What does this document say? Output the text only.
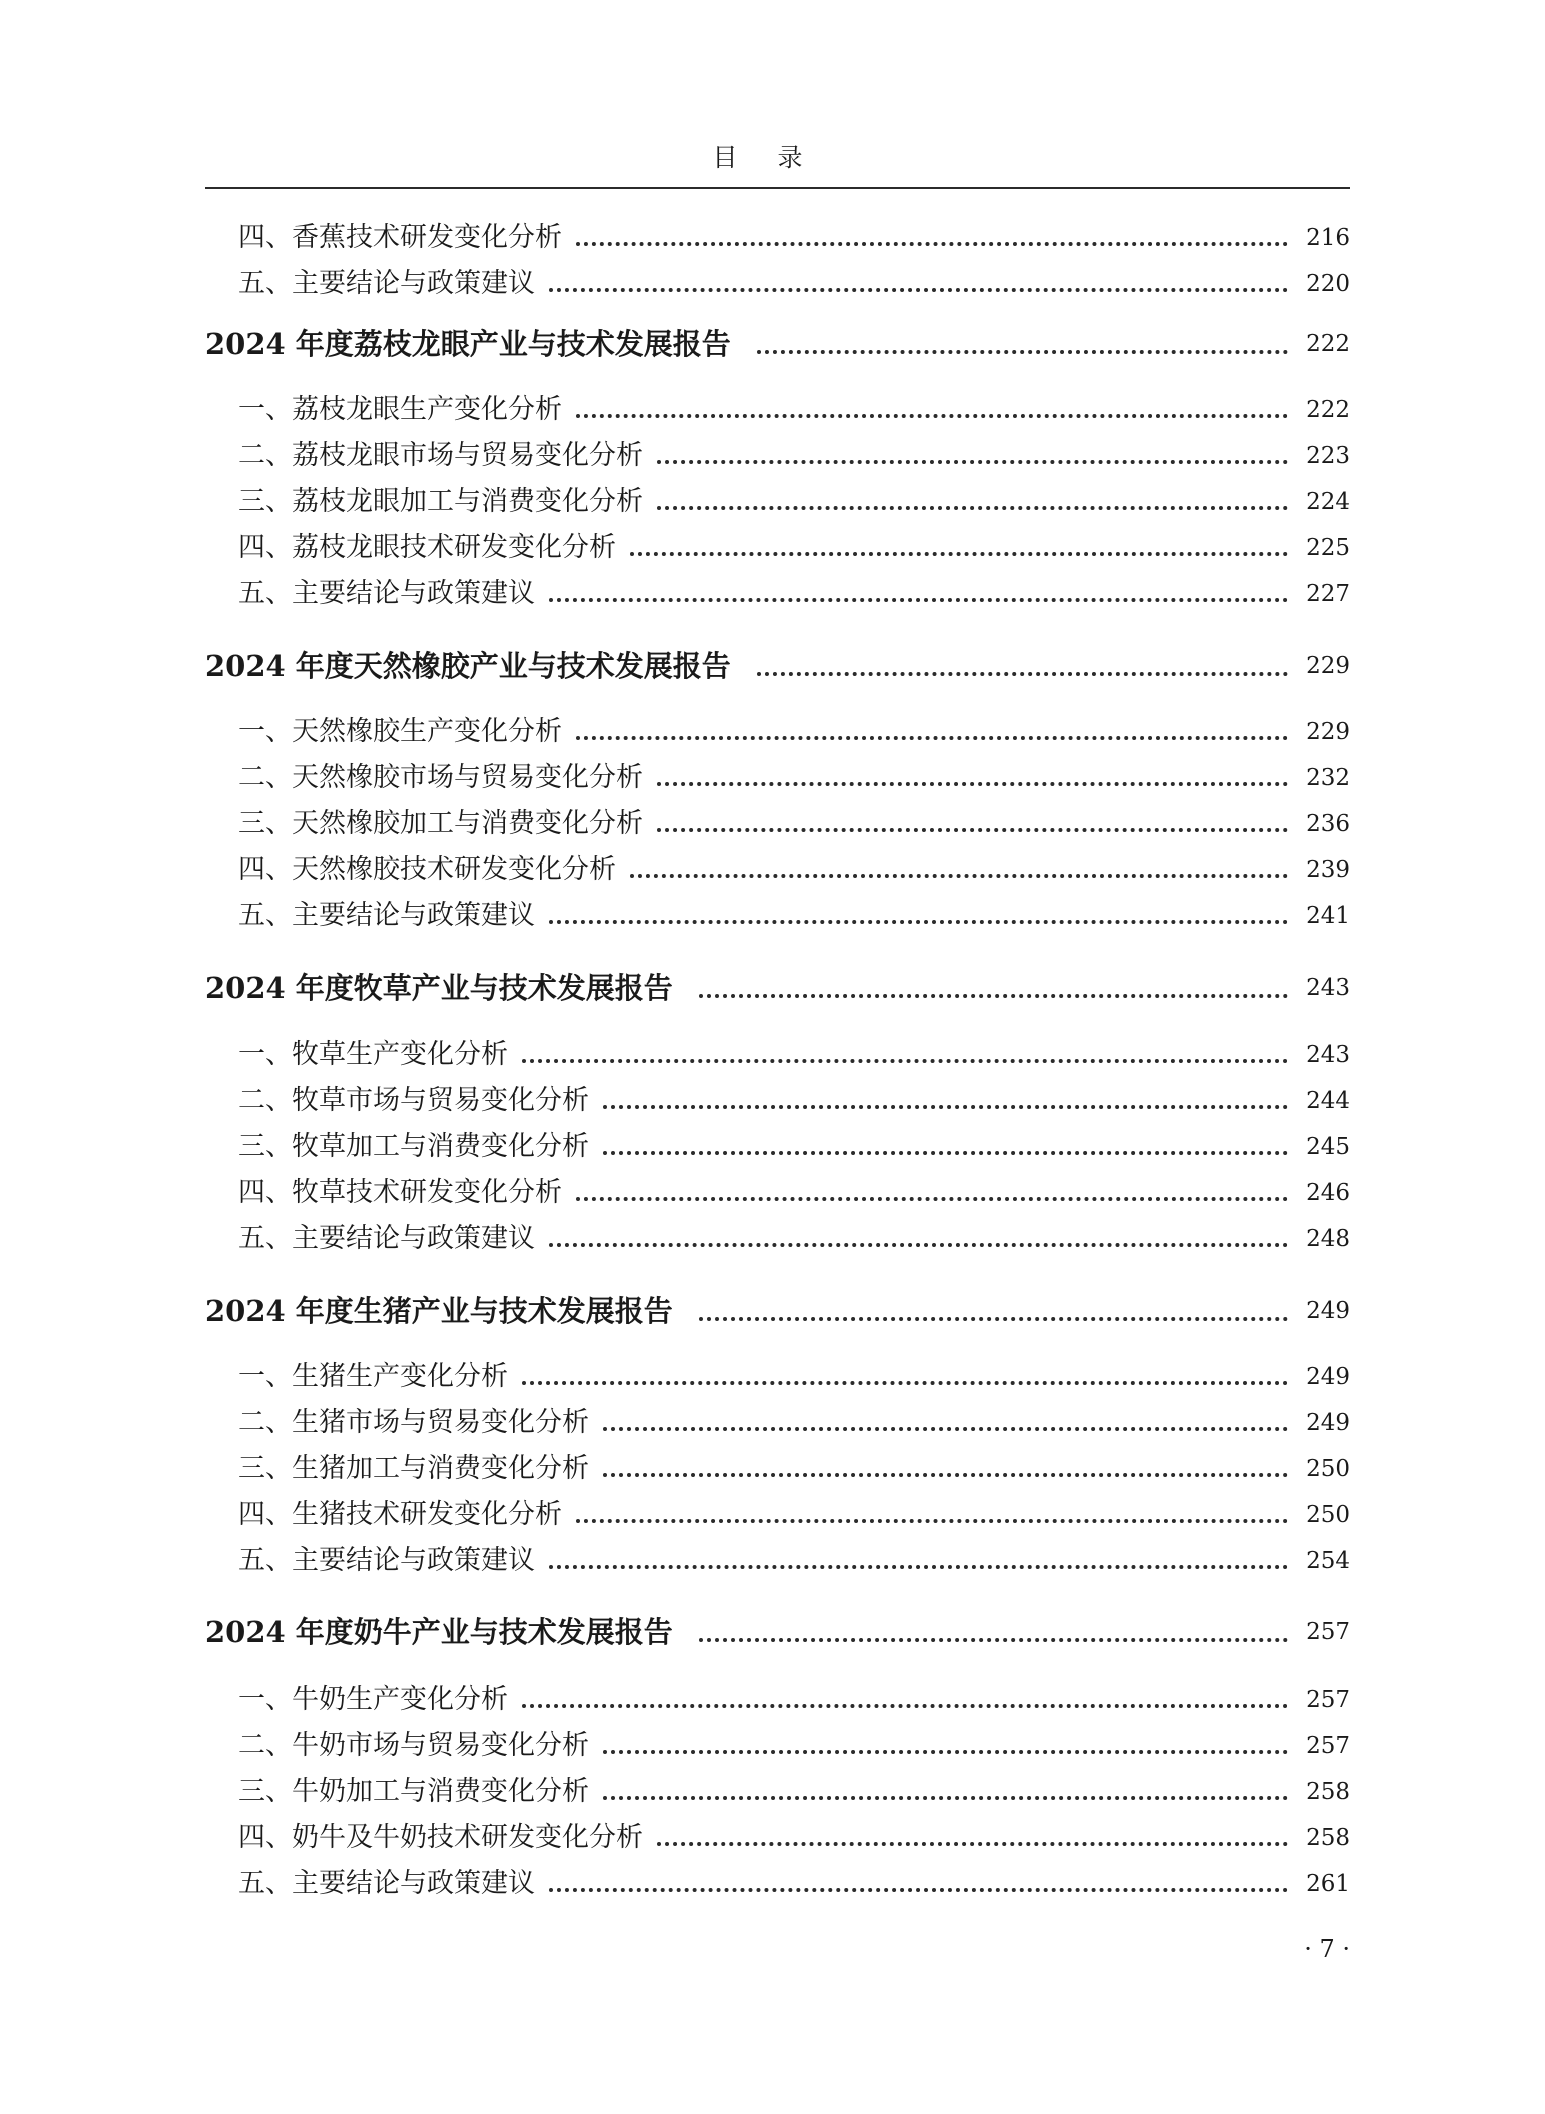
目录
四、香蕉技术研发变化分析	216
五、主要结论与政策建议	220
2024 年度荔枝龙眼产业与技术发展报告	222
一、荔枝龙眼生产变化分析	222
二、荔枝龙眼市场与贸易变化分析	223
三、荔枝龙眼加工与消费变化分析	224
四、荔枝龙眼技术研发变化分析	225
五、主要结论与政策建议	227
2024 年度天然橡胶产业与技术发展报告	229
一、天然橡胶生产变化分析	229
二、天然橡胶市场与贸易变化分析	232
三、天然橡胶加工与消费变化分析	236
四、天然橡胶技术研发变化分析	239
五、主要结论与政策建议	241
2024 年度牧草产业与技术发展报告	243
一、牧草生产变化分析	243
二、牧草市场与贸易变化分析	244
三、牧草加工与消费变化分析	245
四、牧草技术研发变化分析	246
五、主要结论与政策建议	248
2024 年度生猪产业与技术发展报告	249
一、生猪生产变化分析	249
二、生猪市场与贸易变化分析	249
三、生猪加工与消费变化分析	250
四、生猪技术研发变化分析	250
五、主要结论与政策建议	254
2024 年度奶牛产业与技术发展报告	257
一、牛奶生产变化分析	257
二、牛奶市场与贸易变化分析	257
三、牛奶加工与消费变化分析	258
四、奶牛及牛奶技术研发变化分析	258
五、主要结论与政策建议	261
· 7 ·
